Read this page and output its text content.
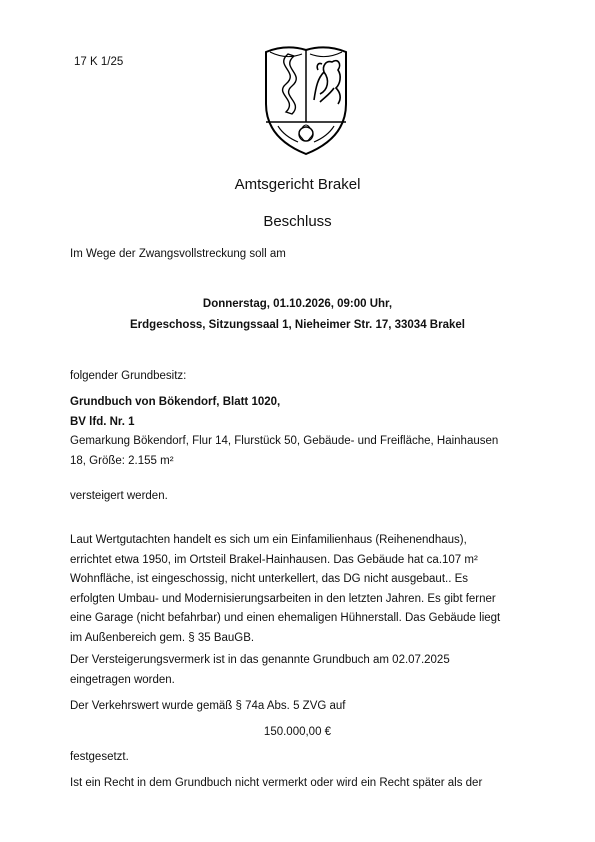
17 K 1/25
Amtsgericht Brakel
Beschluss
Im Wege der Zwangsvollstreckung soll am
Donnerstag, 01.10.2026, 09:00 Uhr,
Erdgeschoss, Sitzungssaal 1, Nieheimer Str. 17, 33034 Brakel
folgender Grundbesitz:
Grundbuch von Bökendorf, Blatt 1020,
BV lfd. Nr. 1
Gemarkung Bökendorf, Flur 14, Flurstück 50, Gebäude- und Freifläche, Hainhausen
18, Größe: 2.155 m²
versteigert werden.
Laut Wertgutachten handelt es sich um ein Einfamilienhaus (Reihenendhaus),
errichtet etwa 1950, im Ortsteil Brakel-Hainhausen. Das Gebäude hat ca.107 m²
Wohnfläche, ist eingeschossig, nicht unterkellert, das DG nicht ausgebaut.. Es
erfolgten Umbau- und Modernisierungsarbeiten in den letzten Jahren. Es gibt ferner
eine Garage (nicht befahrbar) und einen ehemaligen Hühnerstall. Das Gebäude liegt
im Außenbereich gem. § 35 BauGB.
Der Versteigerungsvermerk ist in das genannte Grundbuch am 02.07.2025
eingetragen worden.
Der Verkehrswert wurde gemäß § 74a Abs. 5 ZVG auf
150.000,00 €
festgesetzt.
Ist ein Recht in dem Grundbuch nicht vermerkt oder wird ein Recht später als der
